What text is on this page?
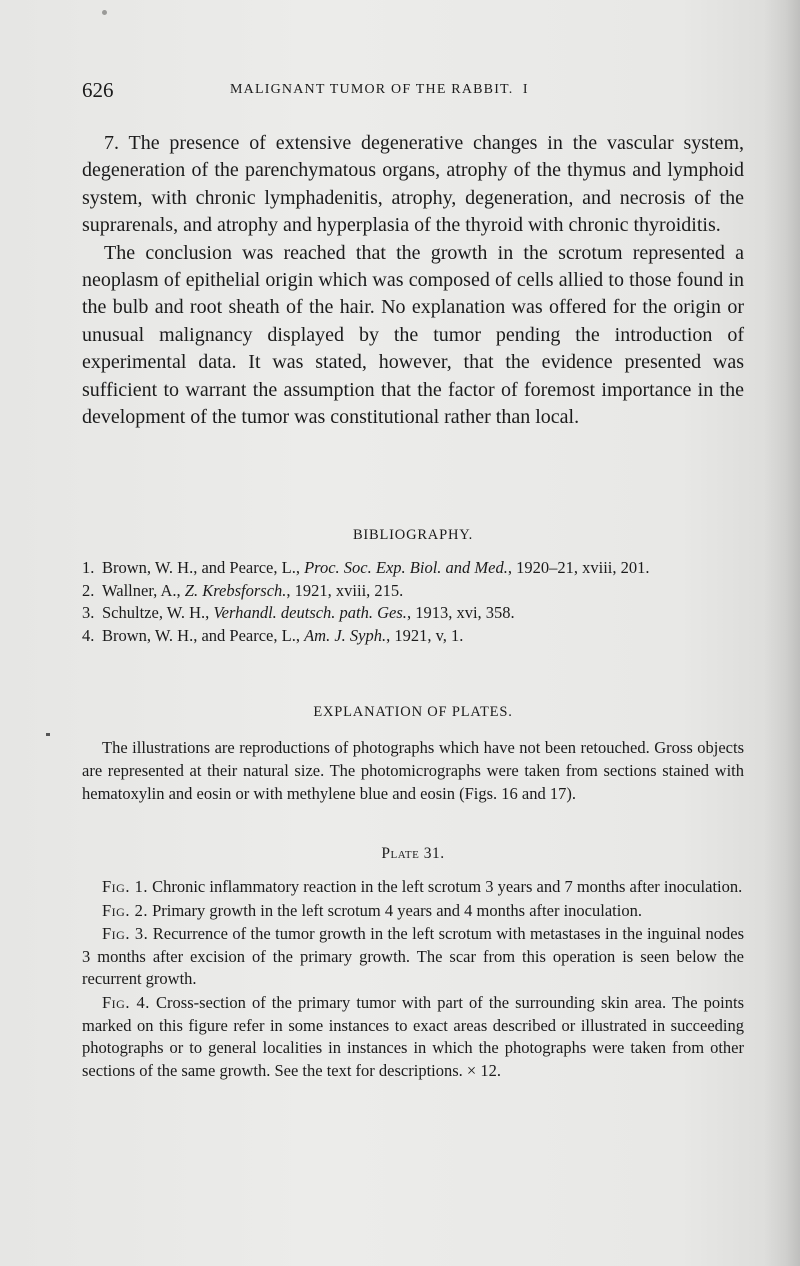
626	MALIGNANT TUMOR OF THE RABBIT.  I

7. The presence of extensive degenerative changes in the vascular system, degeneration of the parenchymatous organs, atrophy of the thymus and lymphoid system, with chronic lymphadenitis, atrophy, degeneration, and necrosis of the suprarenals, and atrophy and hyperplasia of the thyroid with chronic thyroiditis.

The conclusion was reached that the growth in the scrotum represented a neoplasm of epithelial origin which was composed of cells allied to those found in the bulb and root sheath of the hair. No explanation was offered for the origin or unusual malignancy displayed by the tumor pending the introduction of experimental data. It was stated, however, that the evidence presented was sufficient to warrant the assumption that the factor of foremost importance in the development of the tumor was constitutional rather than local.

BIBLIOGRAPHY.
1. Brown, W. H., and Pearce, L., Proc. Soc. Exp. Biol. and Med., 1920–21, xviii, 201.
2. Wallner, A., Z. Krebsforsch., 1921, xviii, 215.
3. Schultze, W. H., Verhandl. deutsch. path. Ges., 1913, xvi, 358.
4. Brown, W. H., and Pearce, L., Am. J. Syph., 1921, v, 1.
EXPLANATION OF PLATES.

The illustrations are reproductions of photographs which have not been retouched. Gross objects are represented at their natural size. The photomicrographs were taken from sections stained with hematoxylin and eosin or with methylene blue and eosin (Figs. 16 and 17).

Plate 31.

Fig. 1. Chronic inflammatory reaction in the left scrotum 3 years and 7 months after inoculation.

Fig. 2. Primary growth in the left scrotum 4 years and 4 months after inoculation.

Fig. 3. Recurrence of the tumor growth in the left scrotum with metastases in the inguinal nodes 3 months after excision of the primary growth. The scar from this operation is seen below the recurrent growth.

Fig. 4. Cross-section of the primary tumor with part of the surrounding skin area. The points marked on this figure refer in some instances to exact areas described or illustrated in succeeding photographs or to general localities in instances in which the photographs were taken from other sections of the same growth. See the text for descriptions. × 12.
